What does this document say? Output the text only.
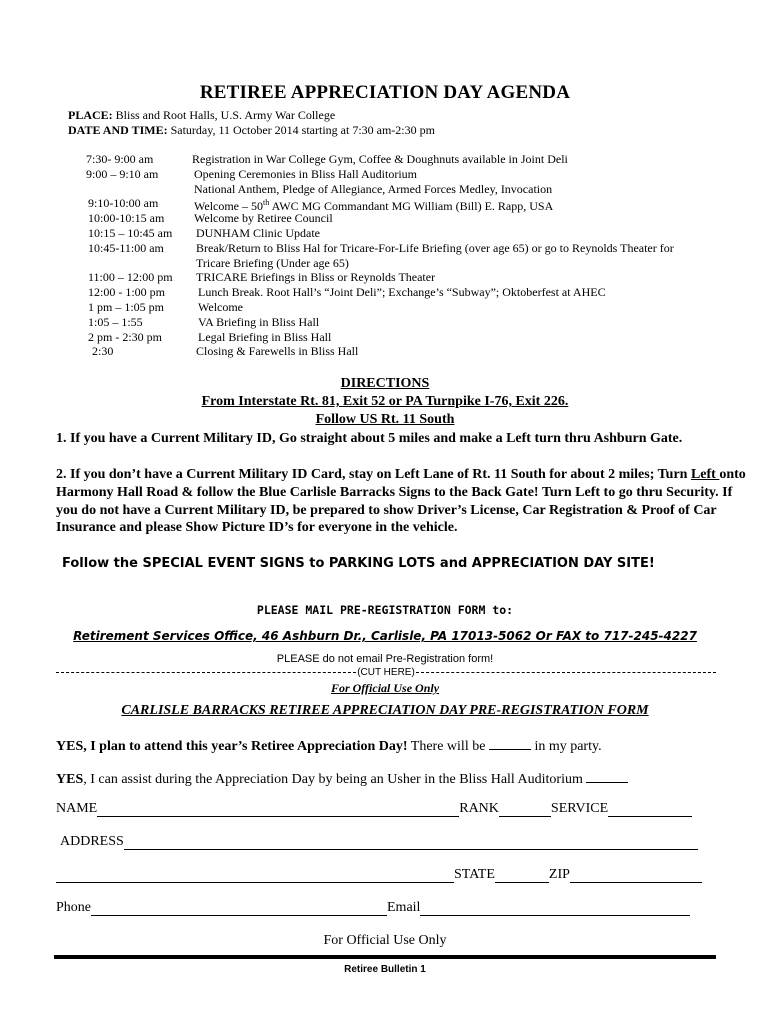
RETIREE APPRECIATION DAY AGENDA
PLACE: Bliss and Root Halls, U.S. Army War College
DATE AND TIME: Saturday, 11 October 2014 starting at 7:30 am-2:30 pm
7:30- 9:00 am	Registration in War College Gym, Coffee & Doughnuts available in Joint Deli
9:00 – 9:10 am	Opening Ceremonies in Bliss Hall Auditorium
National Anthem, Pledge of Allegiance, Armed Forces Medley, Invocation
9:10-10:00 am	Welcome – 50th AWC MG Commandant MG William (Bill) E. Rapp, USA
10:00-10:15 am Welcome by Retiree Council
10:15 – 10:45 am DUNHAM Clinic Update
10:45-11:00 am	Break/Return to Bliss Hal for Tricare-For-Life Briefing (over age 65) or go to Reynolds Theater for
Tricare Briefing (Under age 65)
11:00 – 12:00 pm TRICARE Briefings in Bliss or Reynolds Theater
12:00 - 1:00 pm	Lunch Break. Root Hall’s “Joint Deli”; Exchange’s “Subway”; Oktoberfest at AHEC
1 pm – 1:05 pm	Welcome
1:05 – 1:55	VA Briefing in Bliss Hall
2 pm - 2:30 pm	Legal Briefing in Bliss Hall
2:30	Closing & Farewells in Bliss Hall
DIRECTIONS
From Interstate Rt. 81, Exit 52 or PA Turnpike I-76, Exit 226.
Follow US Rt. 11 South
1. If you have a Current Military ID, Go straight about 5 miles and make a Left turn thru Ashburn Gate.
2. If you don’t have a Current Military ID Card, stay on Left Lane of Rt. 11 South for about 2 miles; Turn Left onto Harmony Hall Road & follow the Blue Carlisle Barracks Signs to the Back Gate! Turn Left to go thru Security. If you do not have a Current Military ID, be prepared to show Driver’s License, Car Registration & Proof of Car Insurance and please Show Picture ID’s for everyone in the vehicle.
Follow the SPECIAL EVENT SIGNS to PARKING LOTS and APPRECIATION DAY SITE!
PLEASE MAIL PRE-REGISTRATION FORM to:
Retirement Services Office, 46 Ashburn Dr., Carlisle, PA 17013-5062 Or FAX to 717-245-4227
PLEASE do not email Pre-Registration form!
(CUT HERE)
For Official Use Only
CARLISLE BARRACKS RETIREE APPRECIATION DAY PRE-REGISTRATION FORM
YES, I plan to attend this year’s Retiree Appreciation Day! There will be	in my party.
YES, I can assist during the Appreciation Day by being an Usher in the Bliss Hall Auditorium
NAME	RANK	SERVICE
ADDRESS
STATE	ZIP
Phone	Email
For Official Use Only
Retiree Bulletin 1
